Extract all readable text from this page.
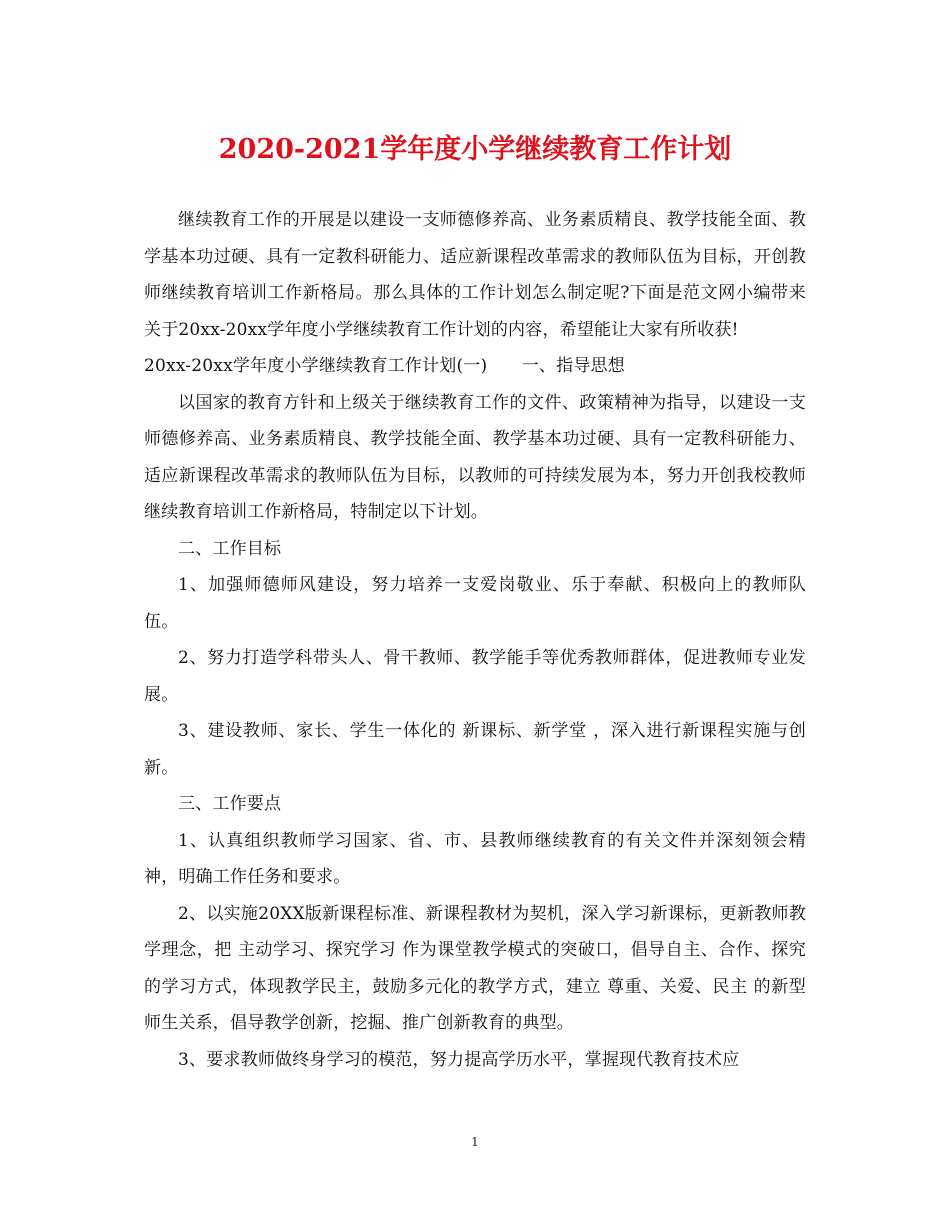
2020-2021学年度小学继续教育工作计划

继续教育工作的开展是以建设一支师德修养高、业务素质精良、教学技能全面、教学基本功过硬、具有一定教科研能力、适应新课程改革需求的教师队伍为目标，开创教师继续教育培训工作新格局。那么具体的工作计划怎么制定呢?下面是范文网小编带来关于20xx-20xx学年度小学继续教育工作计划的内容，希望能让大家有所收获!

20xx-20xx学年度小学继续教育工作计划(一)　　一、指导思想

以国家的教育方针和上级关于继续教育工作的文件、政策精神为指导，以建设一支师德修养高、业务素质精良、教学技能全面、教学基本功过硬、具有一定教科研能力、适应新课程改革需求的教师队伍为目标，以教师的可持续发展为本，努力开创我校教师继续教育培训工作新格局，特制定以下计划。

二、工作目标

1、加强师德师风建设，努力培养一支爱岗敬业、乐于奉献、积极向上的教师队伍。

2、努力打造学科带头人、骨干教师、教学能手等优秀教师群体，促进教师专业发展。

3、建设教师、家长、学生一体化的 新课标、新学堂 ，深入进行新课程实施与创新。

三、工作要点

1、认真组织教师学习国家、省、市、县教师继续教育的有关文件并深刻领会精神，明确工作任务和要求。

2、以实施20XX版新课程标准、新课程教材为契机，深入学习新课标，更新教师教学理念，把 主动学习、探究学习 作为课堂教学模式的突破口，倡导自主、合作、探究的学习方式，体现教学民主，鼓励多元化的教学方式，建立 尊重、关爱、民主 的新型师生关系，倡导教学创新，挖掘、推广创新教育的典型。

3、要求教师做终身学习的模范，努力提高学历水平，掌握现代教育技术应

1
